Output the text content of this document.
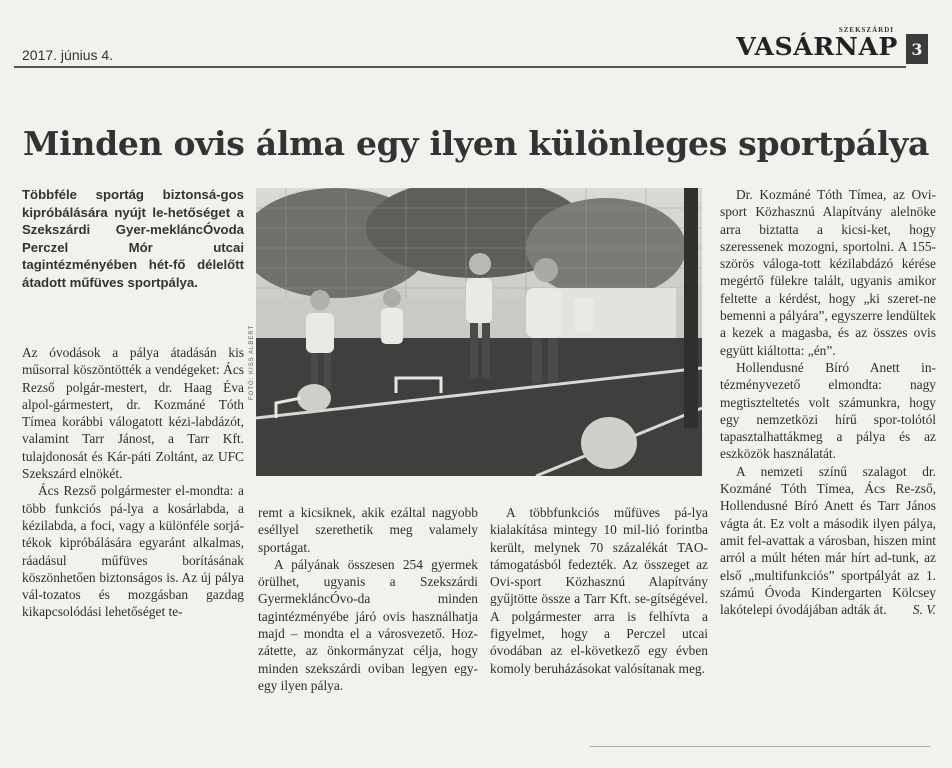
2017. június 4.
SZEKSZÁRDI
VASÁRNAP 3
Minden ovis álma egy ilyen különleges sportpálya
Többféle sportág biztonsá-gos kipróbálására nyújt le-hetőséget a Szekszárdi Gyer-mekláncÓvoda Perczel Mór utcai tagintézményében hét-fő délelőtt átadott műfüves sportpálya.

Az óvodások a pálya átadásán kis műsorral köszöntötték a vendégeket: Ács Rezső polgár-mestert, dr. Haag Éva alpol-gármestert, dr. Kozmáné Tóth Tímea korábbi válogatott kézi-labdázót, valamint Tarr Jánost, a Tarr Kft. tulajdonosát és Kár-páti Zoltánt, az UFC Szekszárd elnökét.

Ács Rezső polgármester el-mondta: a több funkciós pá-lya a kosárlabda, a kézilabda, a foci, vagy a különféle sorjá-tékok kipróbálására egyaránt alkalmas, ráadásul műfüves borításának köszönhetően biztonságos is. Az új pálya vál-tozatos és mozgásban gazdag kikapcsolódási lehetőséget te-

FOTÓ: KISS ALBERT

remt a kicsiknek, akik ezáltal nagyobb eséllyel szerethetik meg valamely sportágat.

A pályának összesen 254 gyermek örülhet, ugyanis a Szekszárdi GyermekláncÓvo-da minden tagintézményébe járó ovis használhatja majd – mondta el a városvezető. Hoz-zátette, az önkormányzat célja, hogy minden szekszárdi oviban legyen egy-egy ilyen pálya.

A többfunkciós műfüves pá-lya kialakítása mintegy 10 mil-lió forintba került, melynek 70 százalékát TAO-támogatásból fedezték. Az összeget az Ovi-sport Közhasznú Alapítvány gyűjtötte össze a Tarr Kft. se-gítségével. A polgármester arra is felhívta a figyelmet, hogy a Perczel utcai óvodában az el-következő egy évben komoly beruházásokat valósítanak meg.

Dr. Kozmáné Tóth Tímea, az Ovi-sport Közhasznú Alapítvány alelnöke arra biztatta a kicsi-ket, hogy szeressenek mozogni, sportolni. A 155-szörös válogа-tott kézilabdázó kérése megértő fülekre talált, ugyanis amikor feltette a kérdést, hogy „ki szeret-ne bemenni a pályára”, egyszerre lendültek a kezek a magasba, és az összes ovis együtt kiáltotta: „én”.

Hollendusné Bíró Anett in-tézményvezető elmondta: nagy megtiszteltetés volt számunkra, hogy egy nemzetközi hírű spor-tolótól tapasztalhattákmeg a pálya és az eszközök használatát.

A nemzeti színű szalagot dr. Kozmáné Tóth Tímea, Ács Re-zső, Hollendusné Bíró Anett és Tarr János vágta át. Ez volt a második ilyen pálya, amit fel-avattak a városban, hiszen mint arról a múlt héten már hírt ad-tunk, az első „multifunkciós” sportpályát az 1. számú Óvoda Kindergarten Kölcsey lakótelepi óvodájában adták át.	S. V.
